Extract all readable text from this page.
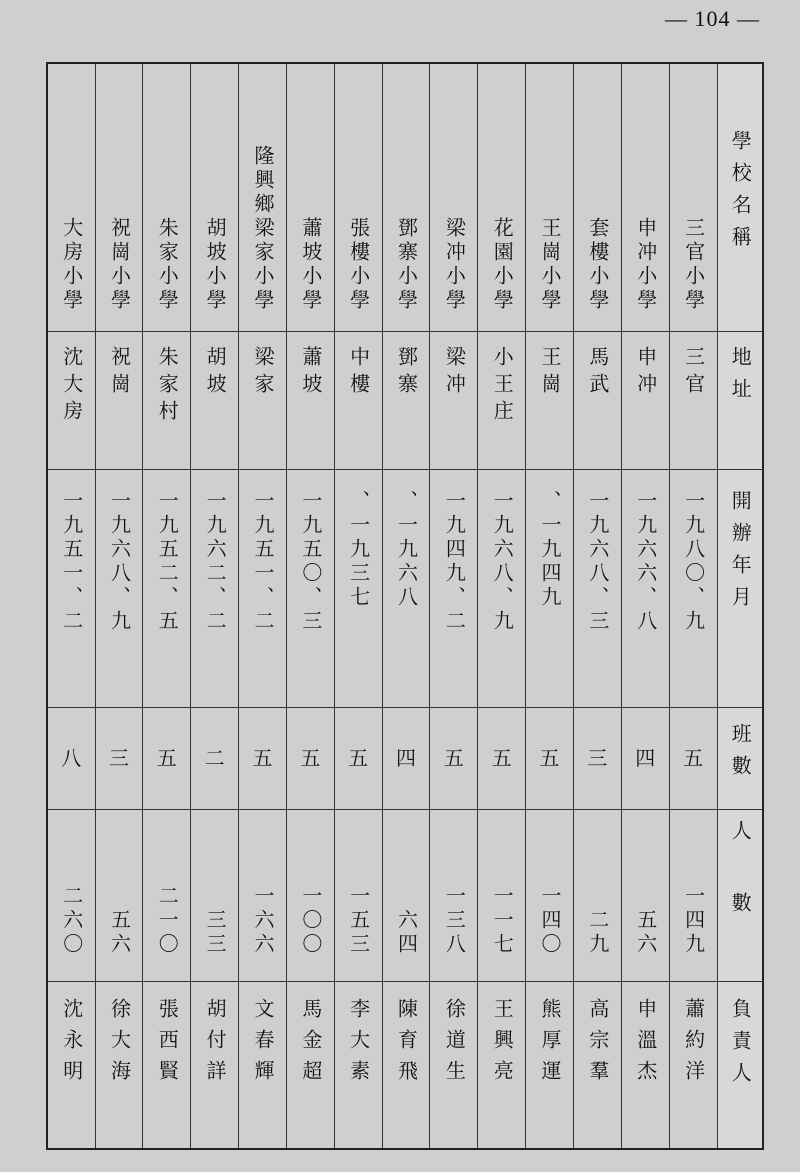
— 104 —
學校名稱	三官小學	申冲小學	套樓小學	王崗小學	花園小學	梁冲小學	鄧寨小學	張樓小學	蕭坡小學	隆興鄉梁家小學	胡坡小學	朱家小學	祝崗小學	大房小學
地址	三官	申冲	馬武	王崗	小王庄	梁冲	鄧寨	中樓	蕭坡	梁家	胡坡	朱家村	祝崗	沈大房
開辦年月	一九八〇、九	一九六六、八	一九六八、三	一九四九、	一九六八、九	一九四九、二	一九六八、	一九三七、	一九五〇、三	一九五一、二	一九六二、二	一九五二、五	一九六八、九	一九五一、二
班數	五	四	三	五	五	五	四	五	五	五	二	五	三	八
人數	一四九	五六	二九	一四〇	一一七	一三八	六四	一五三	一〇〇	一六六	三三	二一〇	五六	二六〇
負責人	蕭約洋	申溫杰	高宗羣	熊厚運	王興亮	徐道生	陳育飛	李大素	馬金超	文春輝	胡付詳	張西賢	徐大海	沈永明
